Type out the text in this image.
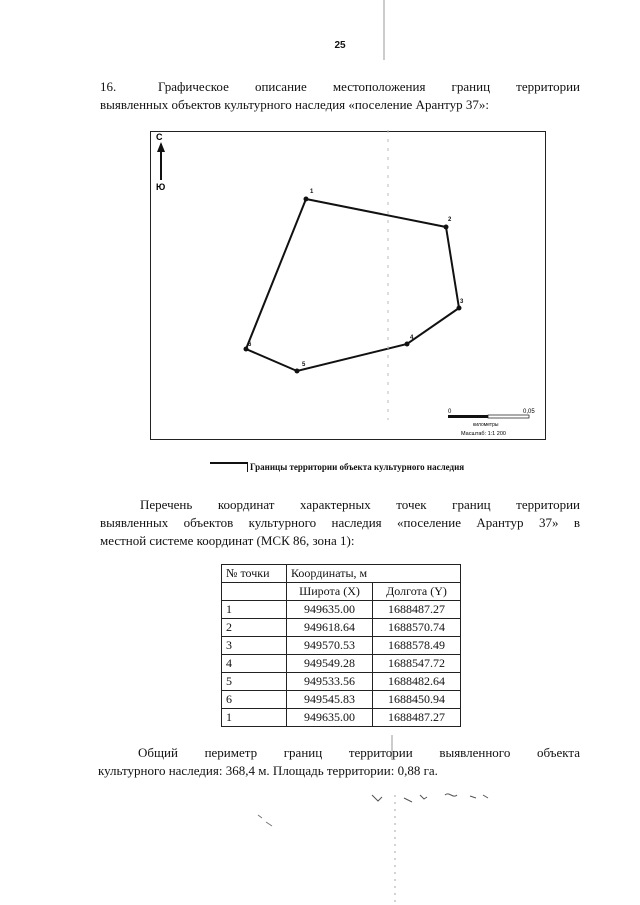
25
16.	Графическое описание местоположения границ территории
выявленных объектов культурного наследия «поселение Арантур 37»:
С
Ю	1
2
3
4
5
6
0	0,05
километры
Масштаб: 1:1 200
Границы территории объекта культурного наследия
Перечень координат характерных точек границ территории
выявленных объектов культурного наследия «поселение Арантур 37» в
местной системе координат (МСК 86, зона 1):
№ точки	Координаты, м	
	Широта (X)	Долгота (Y)
1	949635.00	1688487.27
2	949618.64	1688570.74
3	949570.53	1688578.49
4	949549.28	1688547.72
5	949533.56	1688482.64
6	949545.83	1688450.94
1	949635.00	1688487.27
Общий периметр границ территории выявленного объекта
культурного наследия: 368,4 м. Площадь территории: 0,88 га.
